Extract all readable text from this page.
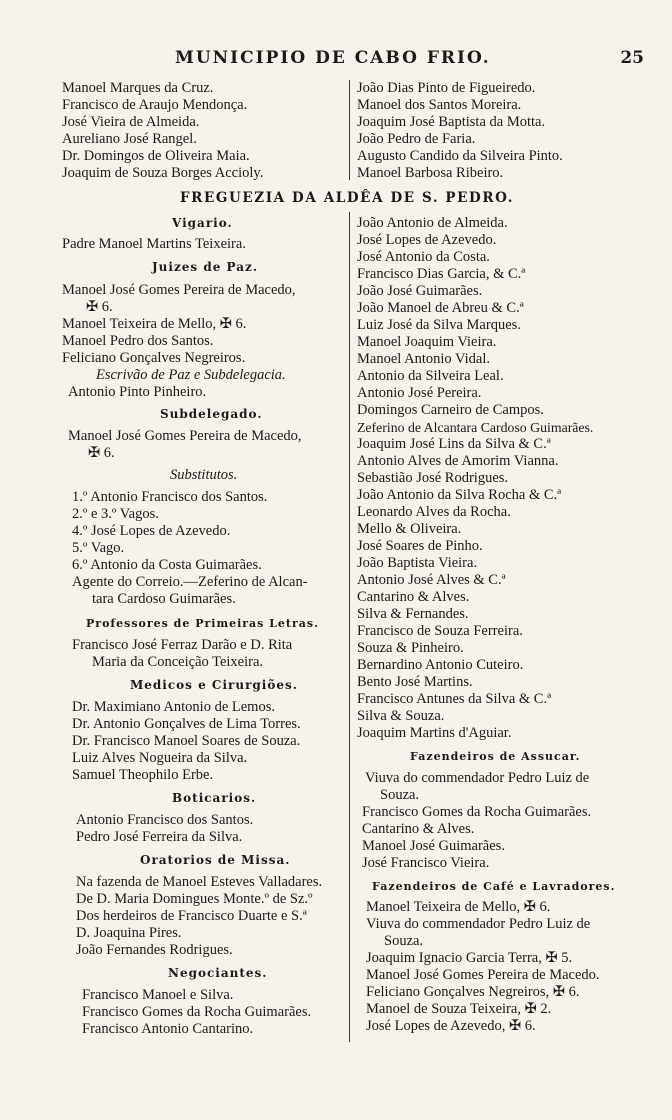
MUNICIPIO DE CABO FRIO.	25
Manoel Marques da Cruz.
Francisco de Araujo Mendonça.
José Vieira de Almeida.
Aureliano José Rangel.
Dr. Domingos de Oliveira Maia.
Joaquim de Souza Borges Accioly.
João Dias Pinto de Figueiredo.
Manoel dos Santos Moreira.
Joaquim José Baptista da Motta.
João Pedro de Faria.
Augusto Candido da Silveira Pinto.
Manoel Barbosa Ribeiro.
FREGUEZIA DA ALDÊA DE S. PEDRO.
Vigario.
Padre Manoel Martins Teixeira.
Juizes de Paz.
Manoel José Gomes Pereira de Macedo,
✠ 6.
Manoel Teixeira de Mello, ✠ 6.
Manoel Pedro dos Santos.
Feliciano Gonçalves Negreiros.
Escrivão de Paz e Subdelegacia.
Antonio Pinto Pinheiro.
Subdelegado.
Manoel José Gomes Pereira de Macedo,
✠ 6.
Substitutos.
1.º Antonio Francisco dos Santos.
2.º e 3.º Vagos.
4.º José Lopes de Azevedo.
5.º Vago.
6.º Antonio da Costa Guimarães.
Agente do Correio.—Zeferino de Alcan-
tara Cardoso Guimarães.
Professores de Primeiras Letras.
Francisco José Ferraz Darão e D. Rita
Maria da Conceição Teixeira.
Medicos e Cirurgiões.
Dr. Maximiano Antonio de Lemos.
Dr. Antonio Gonçalves de Lima Torres.
Dr. Francisco Manoel Soares de Souza.
Luiz Alves Nogueira da Silva.
Samuel Theophilo Erbe.
Boticarios.
Antonio Francisco dos Santos.
Pedro José Ferreira da Silva.
Oratorios de Missa.
Na fazenda de Manoel Esteves Valladares.
De D. Maria Domingues Monte.º de Sz.º
Dos herdeiros de Francisco Duarte e S.ª
D. Joaquina Pires.
João Fernandes Rodrigues.
Negociantes.
Francisco Manoel e Silva.
Francisco Gomes da Rocha Guimarães.
Francisco Antonio Cantarino.
João Antonio de Almeida.
José Lopes de Azevedo.
José Antonio da Costa.
Francisco Dias Garcia, & C.ª
João José Guimarães.
João Manoel de Abreu & C.ª
Luiz José da Silva Marques.
Manoel Joaquim Vieira.
Manoel Antonio Vidal.
Antonio da Silveira Leal.
Antonio José Pereira.
Domingos Carneiro de Campos.
Zeferino de Alcantara Cardoso Guimarães.
Joaquim José Lins da Silva & C.ª
Antonio Alves de Amorim Vianna.
Sebastião José Rodrigues.
João Antonio da Silva Rocha & C.ª
Leonardo Alves da Rocha.
Mello & Oliveira.
José Soares de Pinho.
João Baptista Vieira.
Antonio José Alves & C.ª
Cantarino & Alves.
Silva & Fernandes.
Francisco de Souza Ferreira.
Souza & Pinheiro.
Bernardino Antonio Cuteiro.
Bento José Martins.
Francisco Antunes da Silva & C.ª
Silva & Souza.
Joaquim Martins d'Aguiar.
Fazendeiros de Assucar.
Viuva do commendador Pedro Luiz de
Souza.
Francisco Gomes da Rocha Guimarães.
Cantarino & Alves.
Manoel José Guimarães.
José Francisco Vieira.
Fazendeiros de Café e Lavradores.
Manoel Teixeira de Mello, ✠ 6.
Viuva do commendador Pedro Luiz de
Souza.
Joaquim Ignacio Garcia Terra, ✠ 5.
Manoel José Gomes Pereira de Macedo.
Feliciano Gonçalves Negreiros, ✠ 6.
Manoel de Souza Teixeira, ✠ 2.
José Lopes de Azevedo, ✠ 6.
